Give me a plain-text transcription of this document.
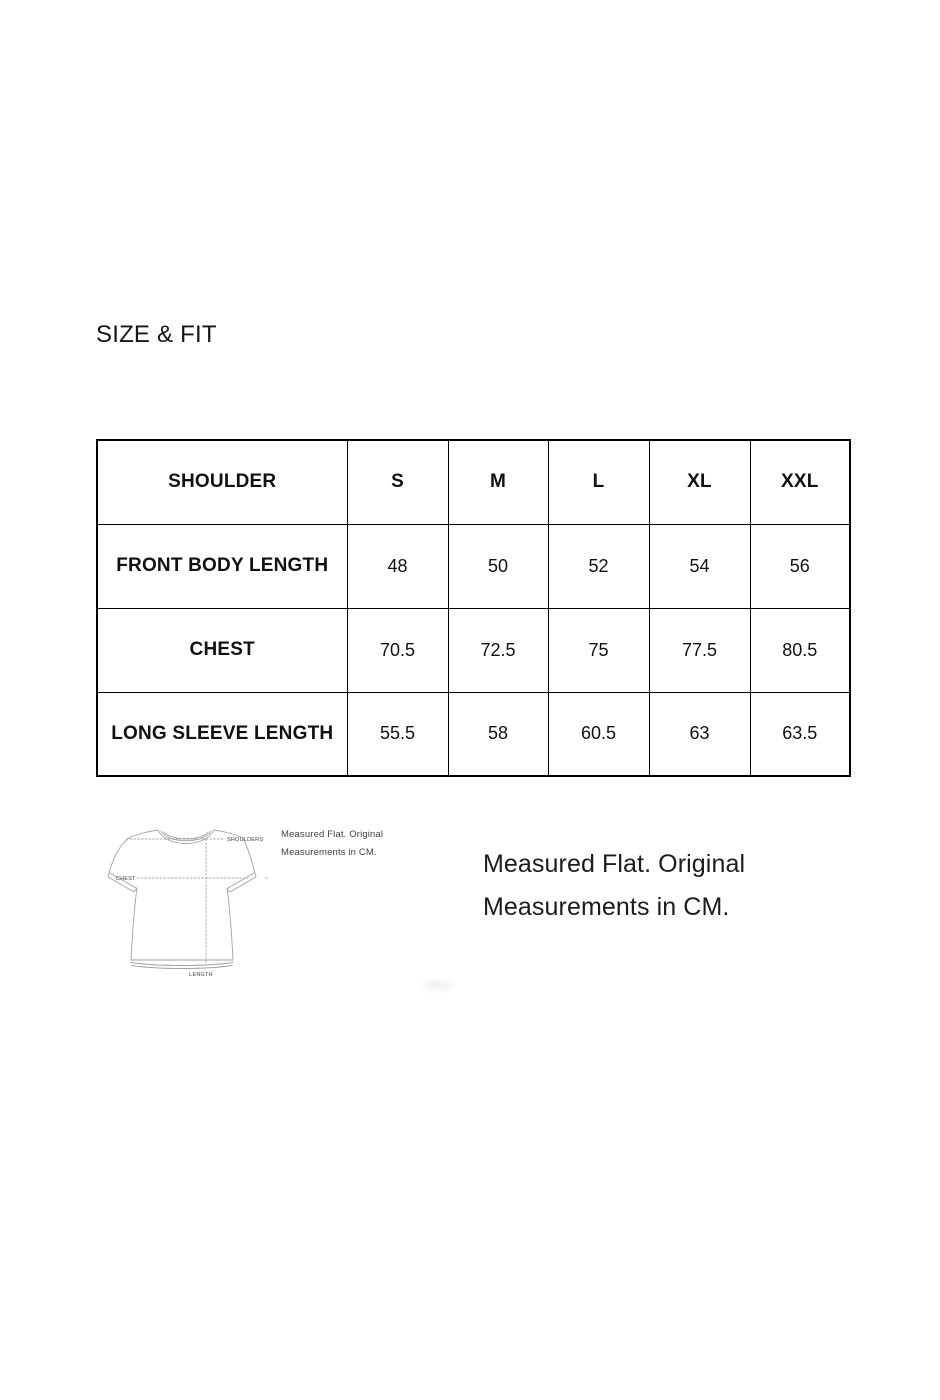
SIZE & FIT
SHOULDER	S	M	L	XL	XXL
FRONT BODY LENGTH	48	50	52	54	56
CHEST	70.5	72.5	75	77.5	80.5
LONG SLEEVE LENGTH	55.5	58	60.5	63	63.5
SHOULDERS
CHEST
LENGTH
Measured Flat. Original
Measurements in CM.	Measured Flat. Original
Measurements in CM.
